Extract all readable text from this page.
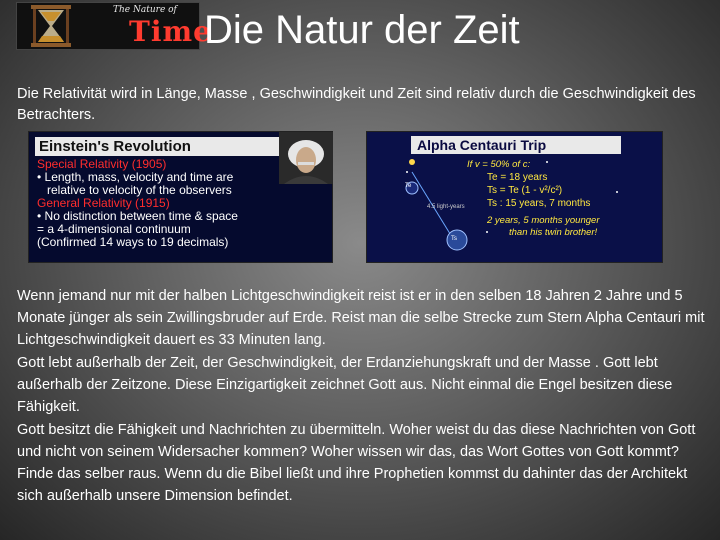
The Nature of
Time
Die Natur der Zeit
Die Relativität wird in Länge, Masse , Geschwindigkeit und Zeit sind relativ durch die Geschwindigkeit des Betrachters.
Einstein's Revolution
Special Relativity (1905)
• Length, mass, velocity and time are
relative to velocity of the observers
General Relativity (1915)
• No distinction between time & space
= a 4-dimensional continuum
(Confirmed 14 ways to 19 decimals)
Alpha Centauri Trip
If v = 50% of c:
Te = 18 years
Ts = Te (1 - v²/c²)
Ts : 15 years, 7 months
4.5 light-years
2 years, 5 months younger
than his twin brother!
Te
Ts

Wenn jemand nur mit der halben Lichtgeschwindigkeit reist ist er in den selben 18 Jahren 2 Jahre und 5 Monate jünger als sein Zwillingsbruder auf Erde. Reist man die selbe Strecke zum Stern Alpha Centauri mit Lichtgeschwindigkeit dauert es 33 Minuten lang.

Gott lebt außerhalb der Zeit, der Geschwindigkeit, der Erdanziehungskraft und der Masse . Gott lebt außerhalb der Zeitzone. Diese Einzigartigkeit zeichnet Gott aus. Nicht einmal die Engel besitzen diese Fähigkeit.

Gott besitzt die Fähigkeit und Nachrichten zu übermitteln. Woher weist du das diese Nachrichten von Gott und nicht von seinem Widersacher kommen? Woher wissen wir das, das Wort Gottes von Gott kommt? Finde das selber raus. Wenn du die Bibel ließt und ihre Prophetien kommst du dahinter das der Architekt sich außerhalb unsere Dimension befindet.
